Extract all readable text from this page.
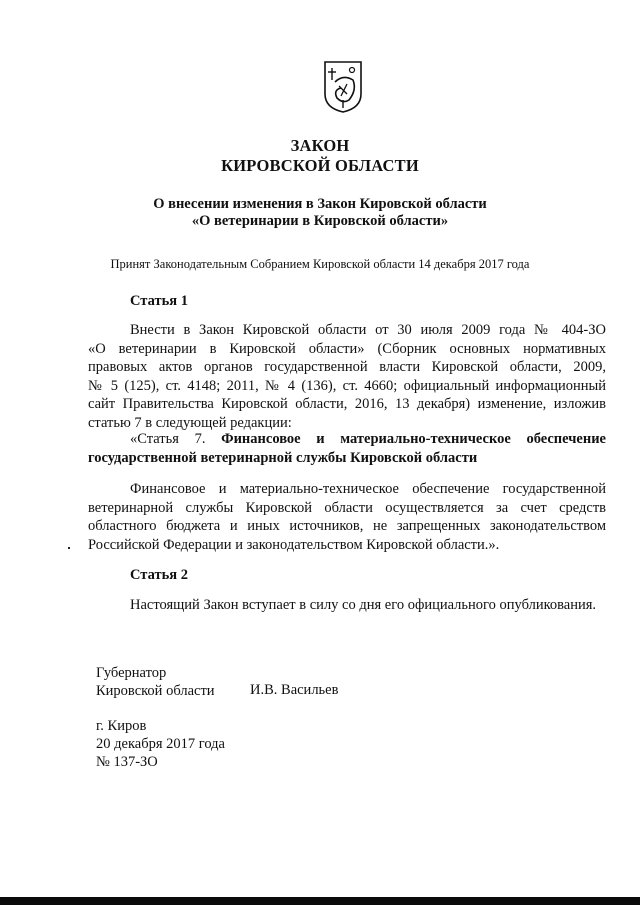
ЗАКОН
КИРОВСКОЙ ОБЛАСТИ
О внесении изменения в Закон Кировской области
«О ветеринарии в Кировской области»
Принят Законодательным Собранием Кировской области 14 декабря 2017 года
Статья 1
Внести в Закон Кировской области от 30 июля 2009 года № 404-ЗО
«О ветеринарии в Кировской области» (Сборник основных нормативных
правовых актов органов государственной власти Кировской области, 2009,
№ 5 (125), ст. 4148; 2011, № 4 (136), ст. 4660; официальный информационный
сайт Правительства Кировской области, 2016, 13 декабря) изменение, изложив
статью 7 в следующей редакции:
«Статья 7. Финансовое и материально-техническое обеспечение
государственной ветеринарной службы Кировской области
Финансовое и материально-техническое обеспечение государственной
ветеринарной службы Кировской области осуществляется за счет средств
областного бюджета и иных источников, не запрещенных законодательством
Российской Федерации и законодательством Кировской области.».
Статья 2
Настоящий Закон вступает в силу со дня его официального опубликования.
Губернатор
Кировской области И.В. Васильев
г. Киров
20 декабря 2017 года
№ 137-ЗО
